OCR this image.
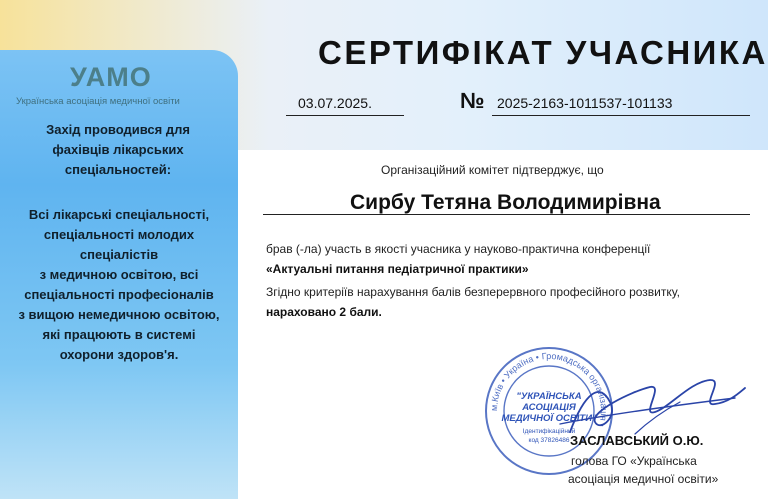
УАМО
Українська асоціація медичної освіти
Захід проводився для
фахівців лікарських
спеціальностей:
Всі лікарські спеціальності,
спеціальності молодих
спеціалістів
з медичною освітою, всі
спеціальності професіоналів
з вищою немедичною освітою,
які працюють в системі
охорони здоров'я.
СЕРТИФІКАТ УЧАСНИКА
03.07.2025.	№ 2025-2163-1011537-101133
Організаційний комітет підтверджує, що
Сирбу Тетяна Володимирівна
брав (-ла) участь в якості учасника у науково-практична конференції
«Актуальні питання педіатричної практики»
Згідно критеріїв нарахування балів безперервного професійного розвитку,
нараховано 2 бали.
м.Київ • Україна • Громадська організація •
"УКРАЇНСЬКА
АСОЦІАЦІЯ
МЕДИЧНОЇ ОСВІТИ"
Ідентифікаційний
код 37826486 ЗАСЛАВСЬКИЙ О.Ю.
голова ГО «Українська
асоціація медичної освіти»
